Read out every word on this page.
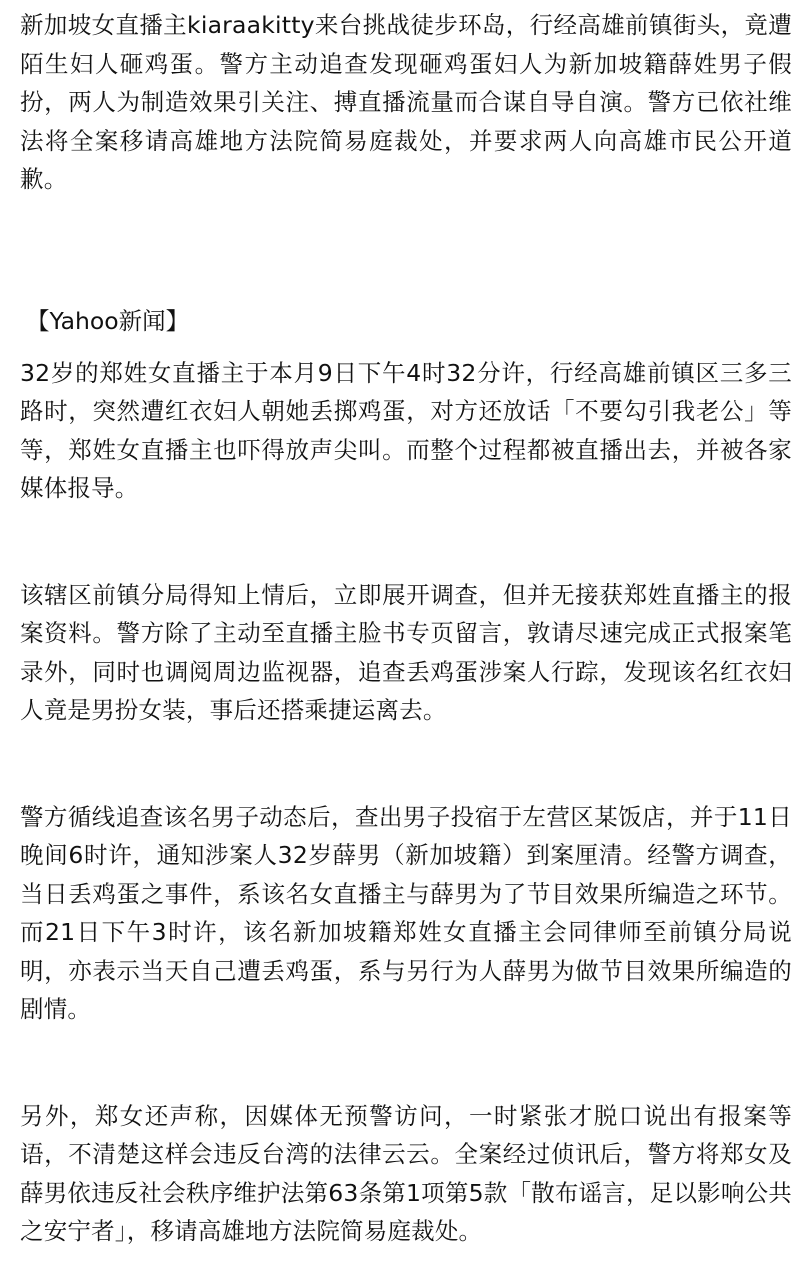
新加坡女直播主kiaraakitty来台挑战徒步环岛，行经高雄前镇街头，竟遭陌生妇人砸鸡蛋。警方主动追查发现砸鸡蛋妇人为新加坡籍薛姓男子假扮，两人为制造效果引关注、搏直播流量而合谋自导自演。警方已依社维法将全案移请高雄地方法院简易庭裁处，并要求两人向高雄市民公开道歉。

【Yahoo新闻】

32岁的郑姓女直播主于本月9日下午4时32分许，行经高雄前镇区三多三路时，突然遭红衣妇人朝她丢掷鸡蛋，对方还放话「不要勾引我老公」等等，郑姓女直播主也吓得放声尖叫。而整个过程都被直播出去，并被各家媒体报导。

该辖区前镇分局得知上情后，立即展开调查，但并无接获郑姓直播主的报案资料。警方除了主动至直播主脸书专页留言，敦请尽速完成正式报案笔录外，同时也调阅周边监视器，追查丢鸡蛋涉案人行踪，发现该名红衣妇人竟是男扮女装，事后还搭乘捷运离去。

警方循线追查该名男子动态后，查出男子投宿于左营区某饭店，并于11日晚间6时许，通知涉案人32岁薛男（新加坡籍）到案厘清。经警方调查，当日丢鸡蛋之事件，系该名女直播主与薛男为了节目效果所编造之环节。而21日下午3时许，该名新加坡籍郑姓女直播主会同律师至前镇分局说明，亦表示当天自己遭丢鸡蛋，系与另行为人薛男为做节目效果所编造的剧情。

另外，郑女还声称，因媒体无预警访问，一时紧张才脱口说出有报案等语，不清楚这样会违反台湾的法律云云。全案经过侦讯后，警方将郑女及薛男依违反社会秩序维护法第63条第1项第5款「散布谣言，足以影响公共之安宁者」，移请高雄地方法院简易庭裁处。
